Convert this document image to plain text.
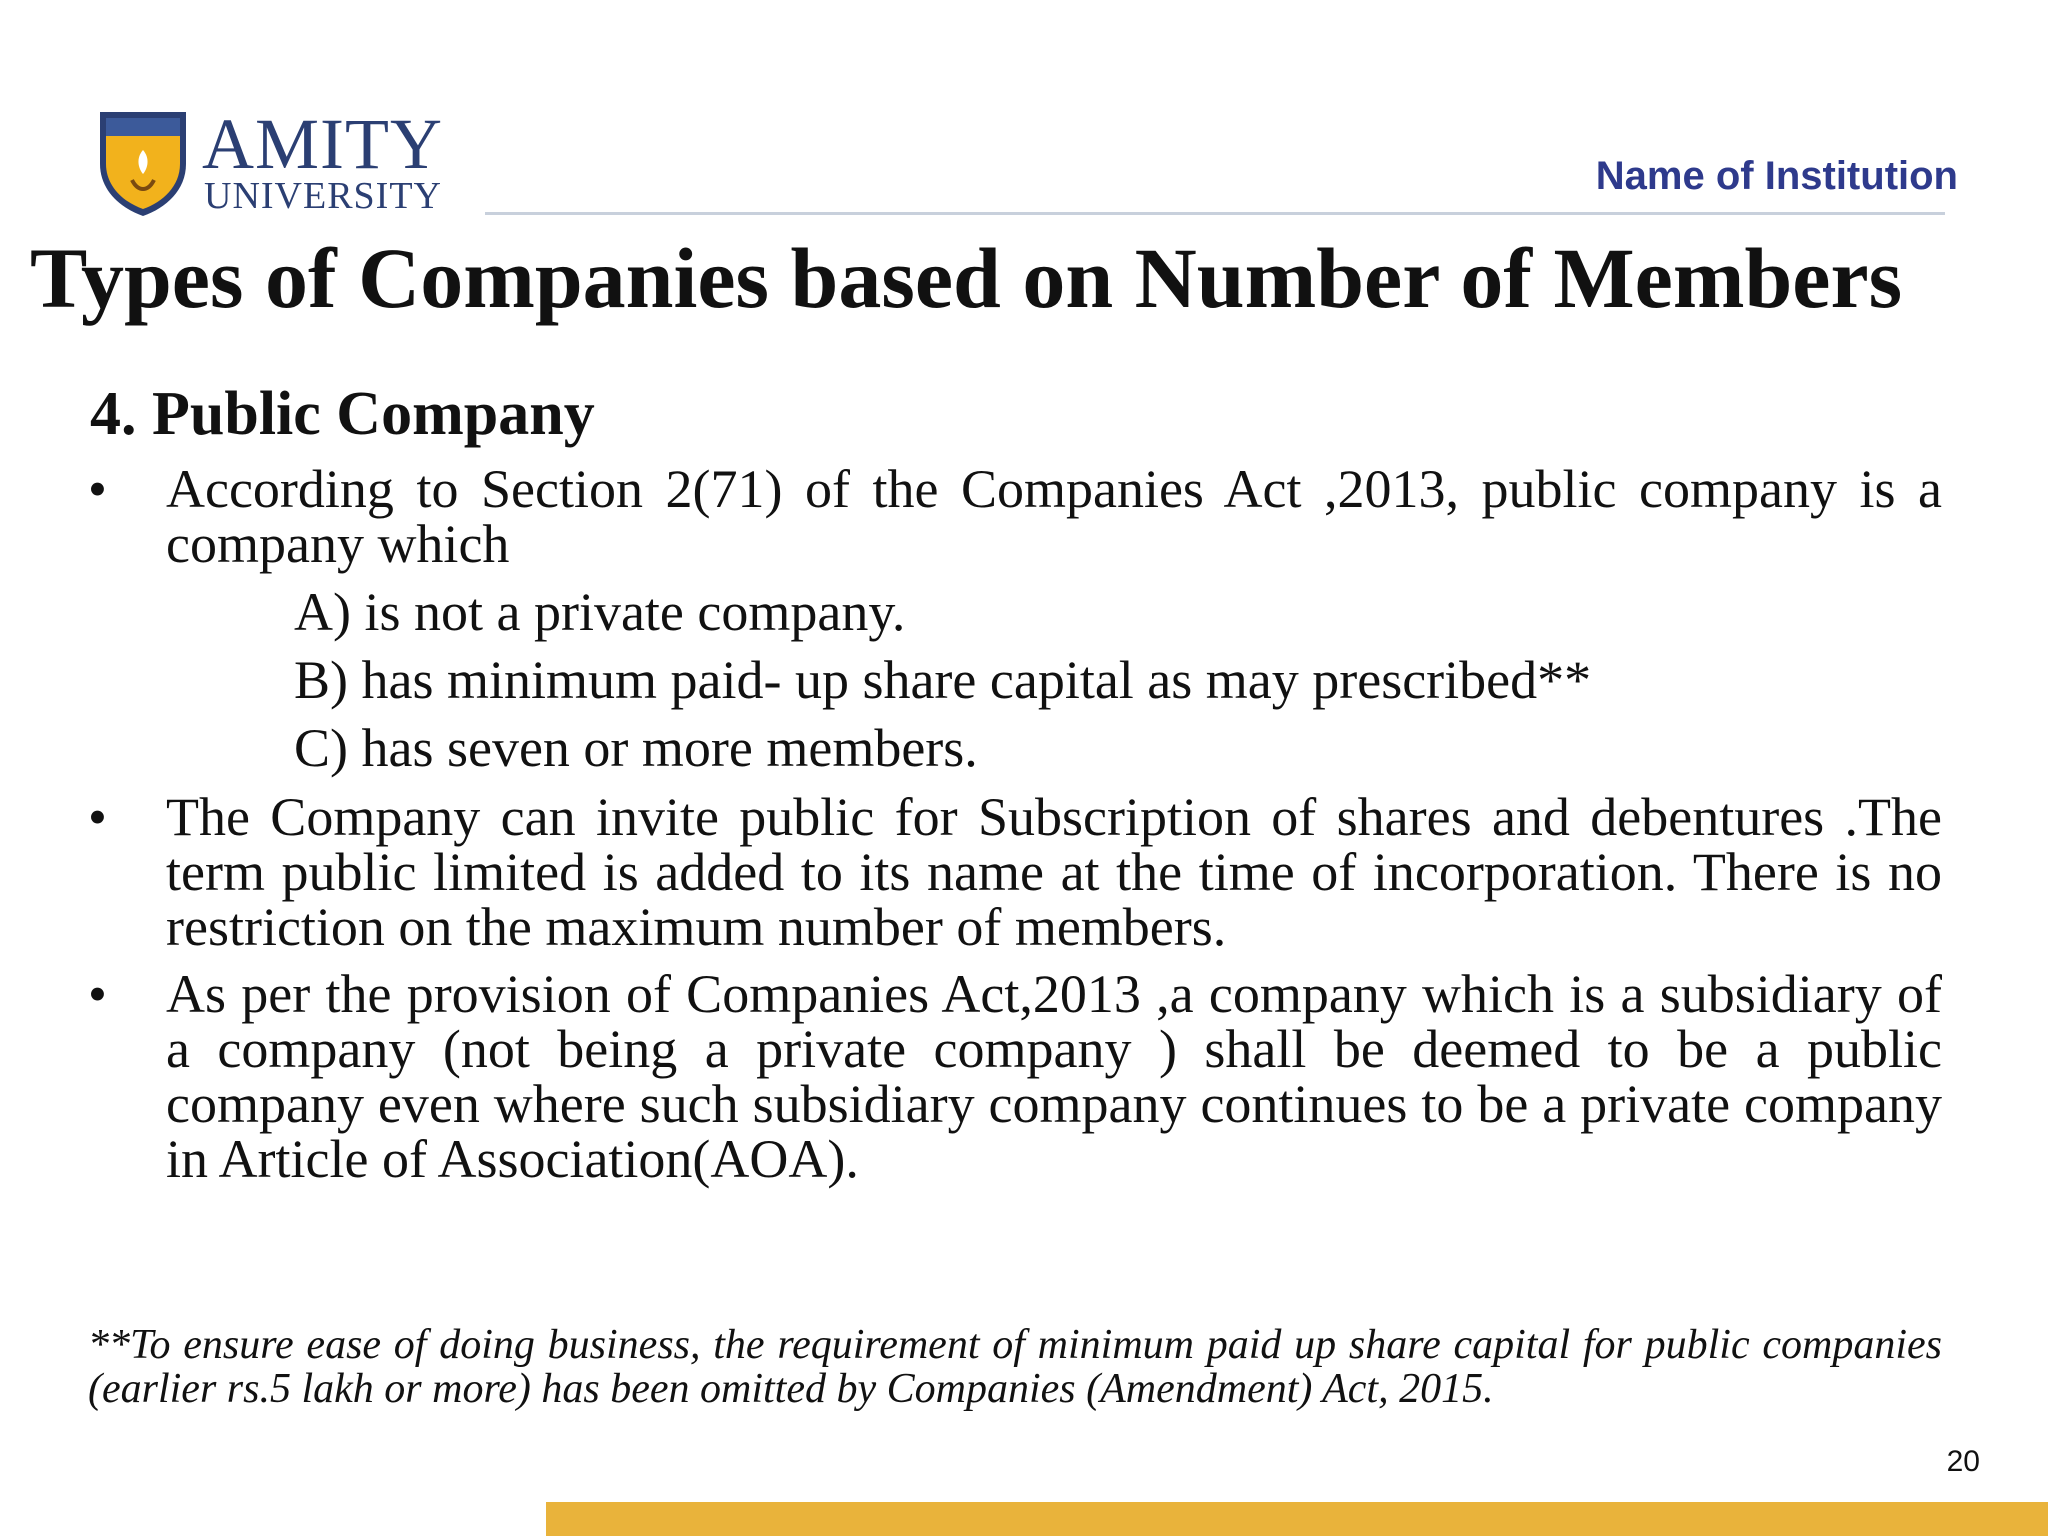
AMITY
UNIVERSITY	Name of Institution
Types of Companies based on Number of Members
4. Public Company
•	According to Section 2(71) of the Companies Act ,2013, public company is a company which
A) is not a private company.
B) has minimum paid- up share capital as may prescribed**
C) has seven or more members.
•	The Company can invite public for Subscription of shares and debentures .The term public limited is added to its name at the time of incorporation. There is no restriction on the maximum number of members.
•	As per the provision of Companies Act,2013 ,a company which is a subsidiary of a company (not being a private company ) shall be deemed to be a public company even where such subsidiary company continues to be a private company in Article of Association(AOA).
**To ensure ease of doing business, the requirement of minimum paid up share capital for public companies (earlier rs.5 lakh or more) has been omitted by Companies (Amendment) Act, 2015.
20
